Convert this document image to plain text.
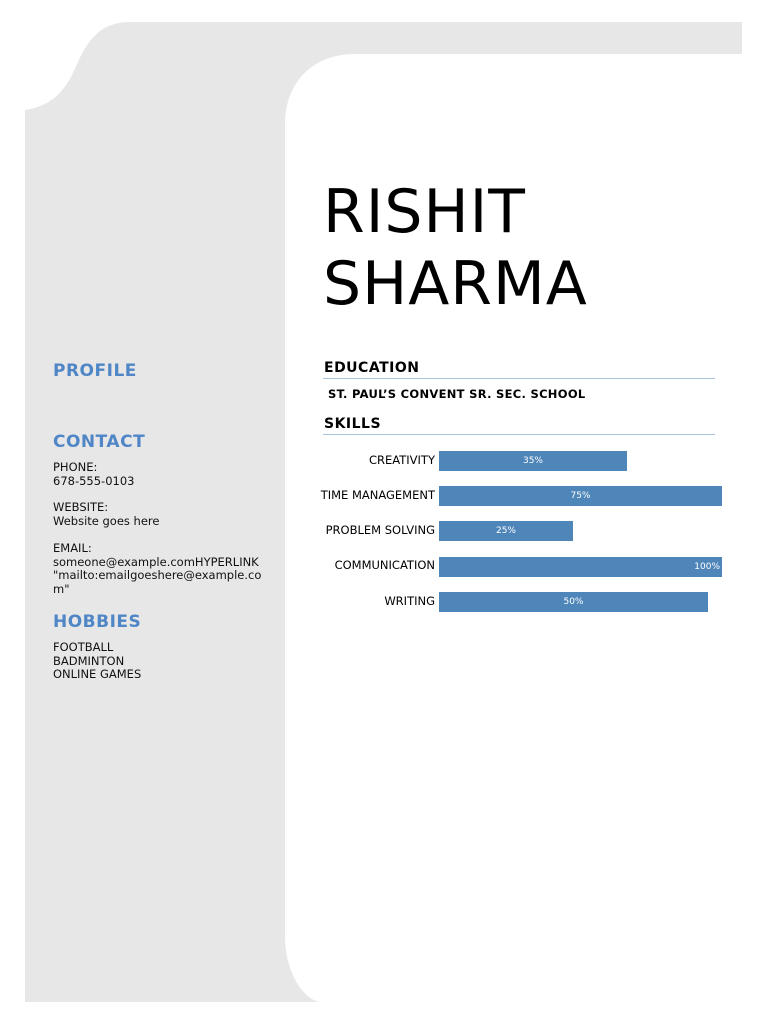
RISHIT
SHARMA
PROFILE
CONTACT
PHONE:
678-555-0103
WEBSITE:
Website goes here
EMAIL:
someone@example.comHYPERLINK
"mailto:emailgoeshere@example.co
m"
HOBBIES
FOOTBALL
BADMINTON
ONLINE GAMES
EDUCATION
ST. PAUL’S CONVENT SR. SEC. SCHOOL
SKILLS
CREATIVITY	35%
TIME MANAGEMENT	75%
PROBLEM SOLVING	25%
COMMUNICATION	100%
WRITING	50%
